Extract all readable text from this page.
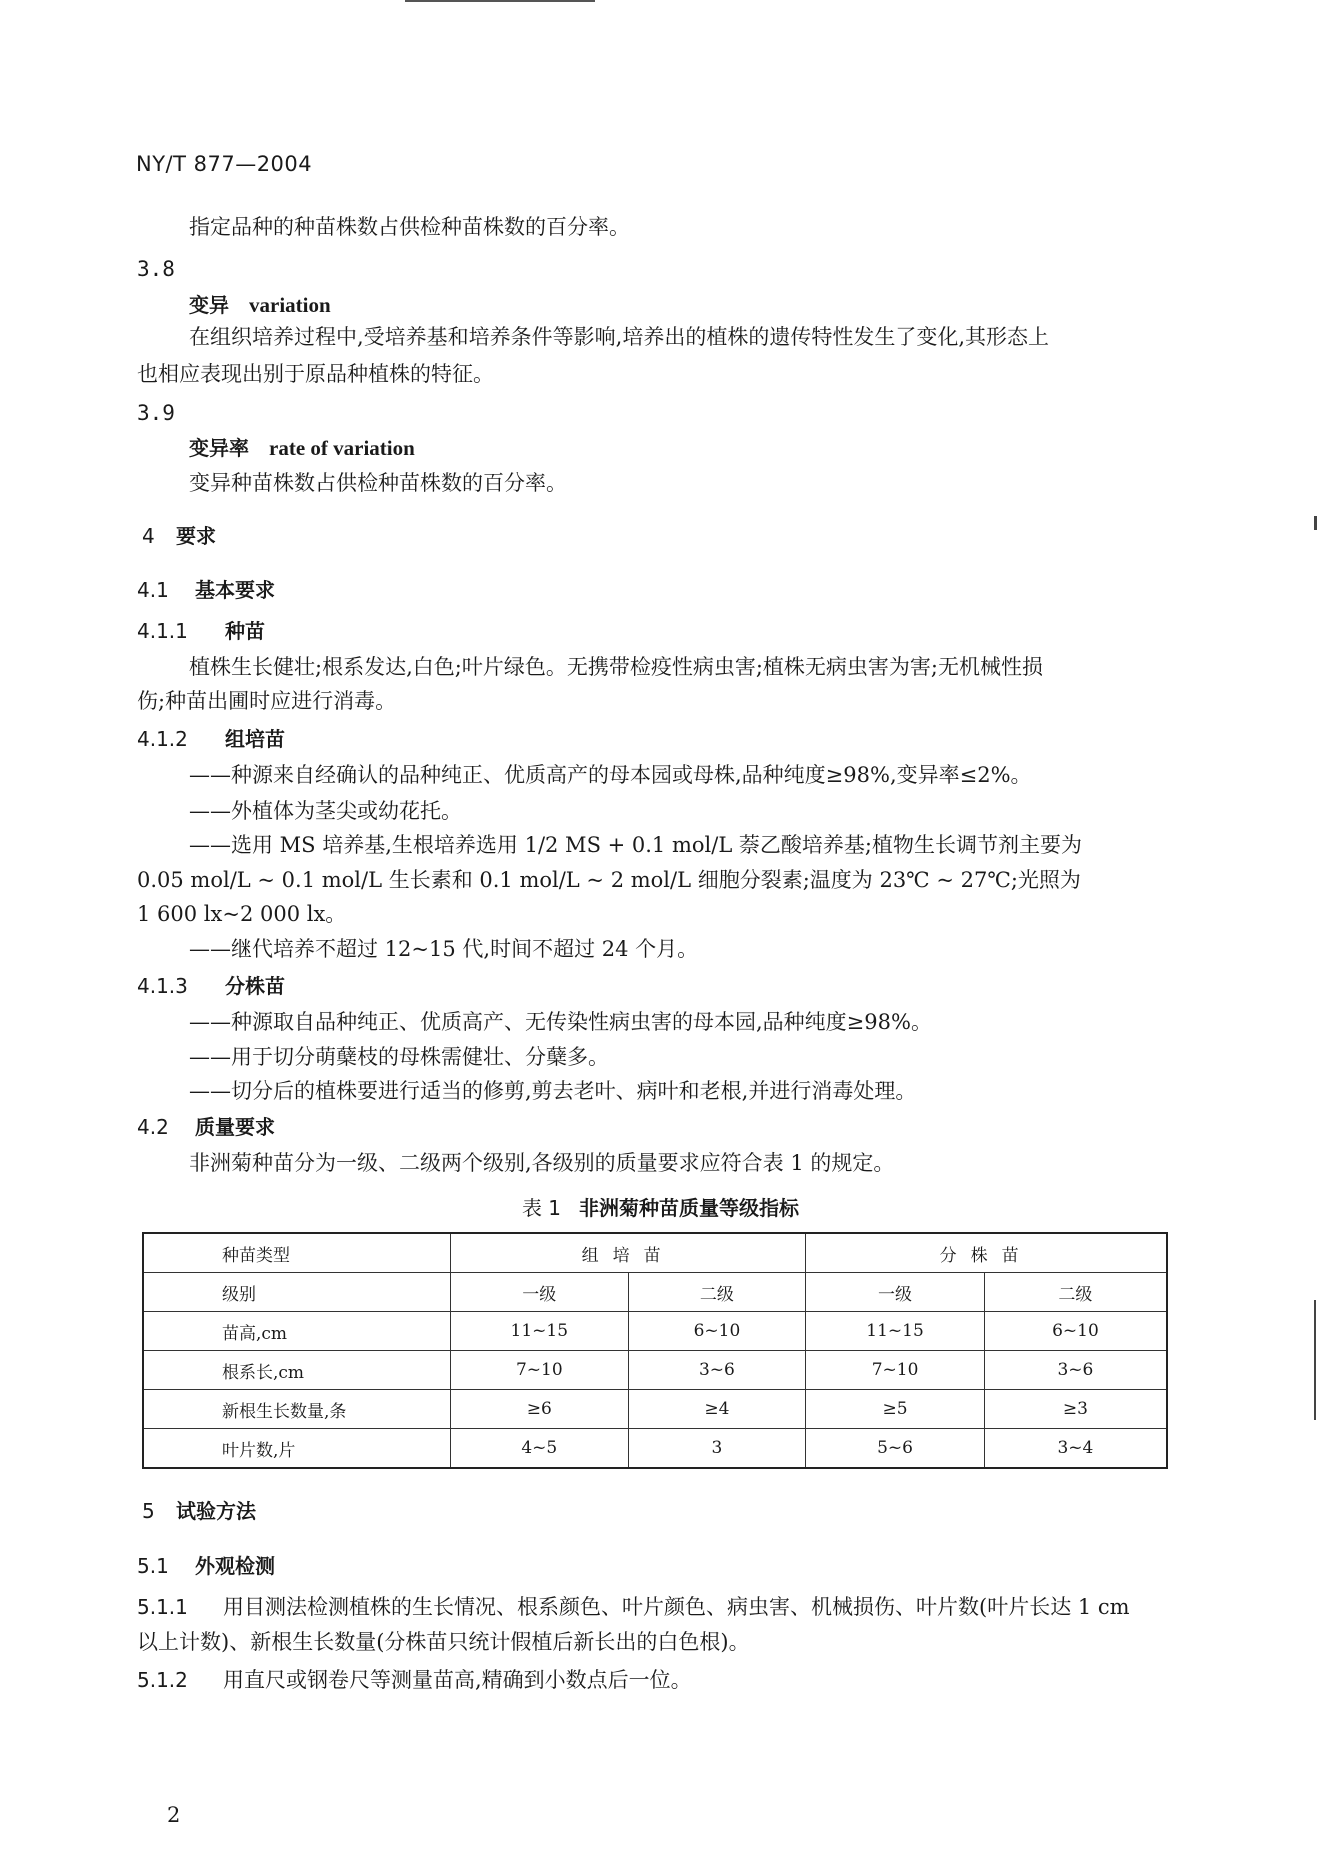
NY/T 877—2004
指定品种的种苗株数占供检种苗株数的百分率。
3.8
变异 variation
在组织培养过程中,受培养基和培养条件等影响,培养出的植株的遗传特性发生了变化,其形态上
也相应表现出别于原品种植株的特征。
3.9
变异率 rate of variation
变异种苗株数占供检种苗株数的百分率。
4 要求
4.1 基本要求
4.1.1 种苗
植株生长健壮;根系发达,白色;叶片绿色。无携带检疫性病虫害;植株无病虫害为害;无机械性损
伤;种苗出圃时应进行消毒。
4.1.2 组培苗
——种源来自经确认的品种纯正、优质高产的母本园或母株,品种纯度≥98%,变异率≤2%。
——外植体为茎尖或幼花托。
——选用 MS 培养基,生根培养选用 1/2 MS + 0.1 mol/L 萘乙酸培养基;植物生长调节剂主要为
0.05 mol/L ~ 0.1 mol/L 生长素和 0.1 mol/L ~ 2 mol/L 细胞分裂素;温度为 23℃ ~ 27℃;光照为
1 600 lx~2 000 lx。
——继代培养不超过 12~15 代,时间不超过 24 个月。
4.1.3 分株苗
——种源取自品种纯正、优质高产、无传染性病虫害的母本园,品种纯度≥98%。
——用于切分萌蘖枝的母株需健壮、分蘖多。
——切分后的植株要进行适当的修剪,剪去老叶、病叶和老根,并进行消毒处理。
4.2 质量要求
非洲菊种苗分为一级、二级两个级别,各级别的质量要求应符合表 1 的规定。
表 1 非洲菊种苗质量等级指标
种苗类型	组培苗		分株苗	
级别	一级	二级	一级	二级
苗高,cm	11~15	6~10	11~15	6~10
根系长,cm	7~10	3~6	7~10	3~6
新根生长数量,条	≥6	≥4	≥5	≥3
叶片数,片	4~5	3	5~6	3~4
5 试验方法
5.1 外观检测
5.1.1 用目测法检测植株的生长情况、根系颜色、叶片颜色、病虫害、机械损伤、叶片数(叶片长达 1 cm
以上计数)、新根生长数量(分株苗只统计假植后新长出的白色根)。
5.1.2 用直尺或钢卷尺等测量苗高,精确到小数点后一位。
2
